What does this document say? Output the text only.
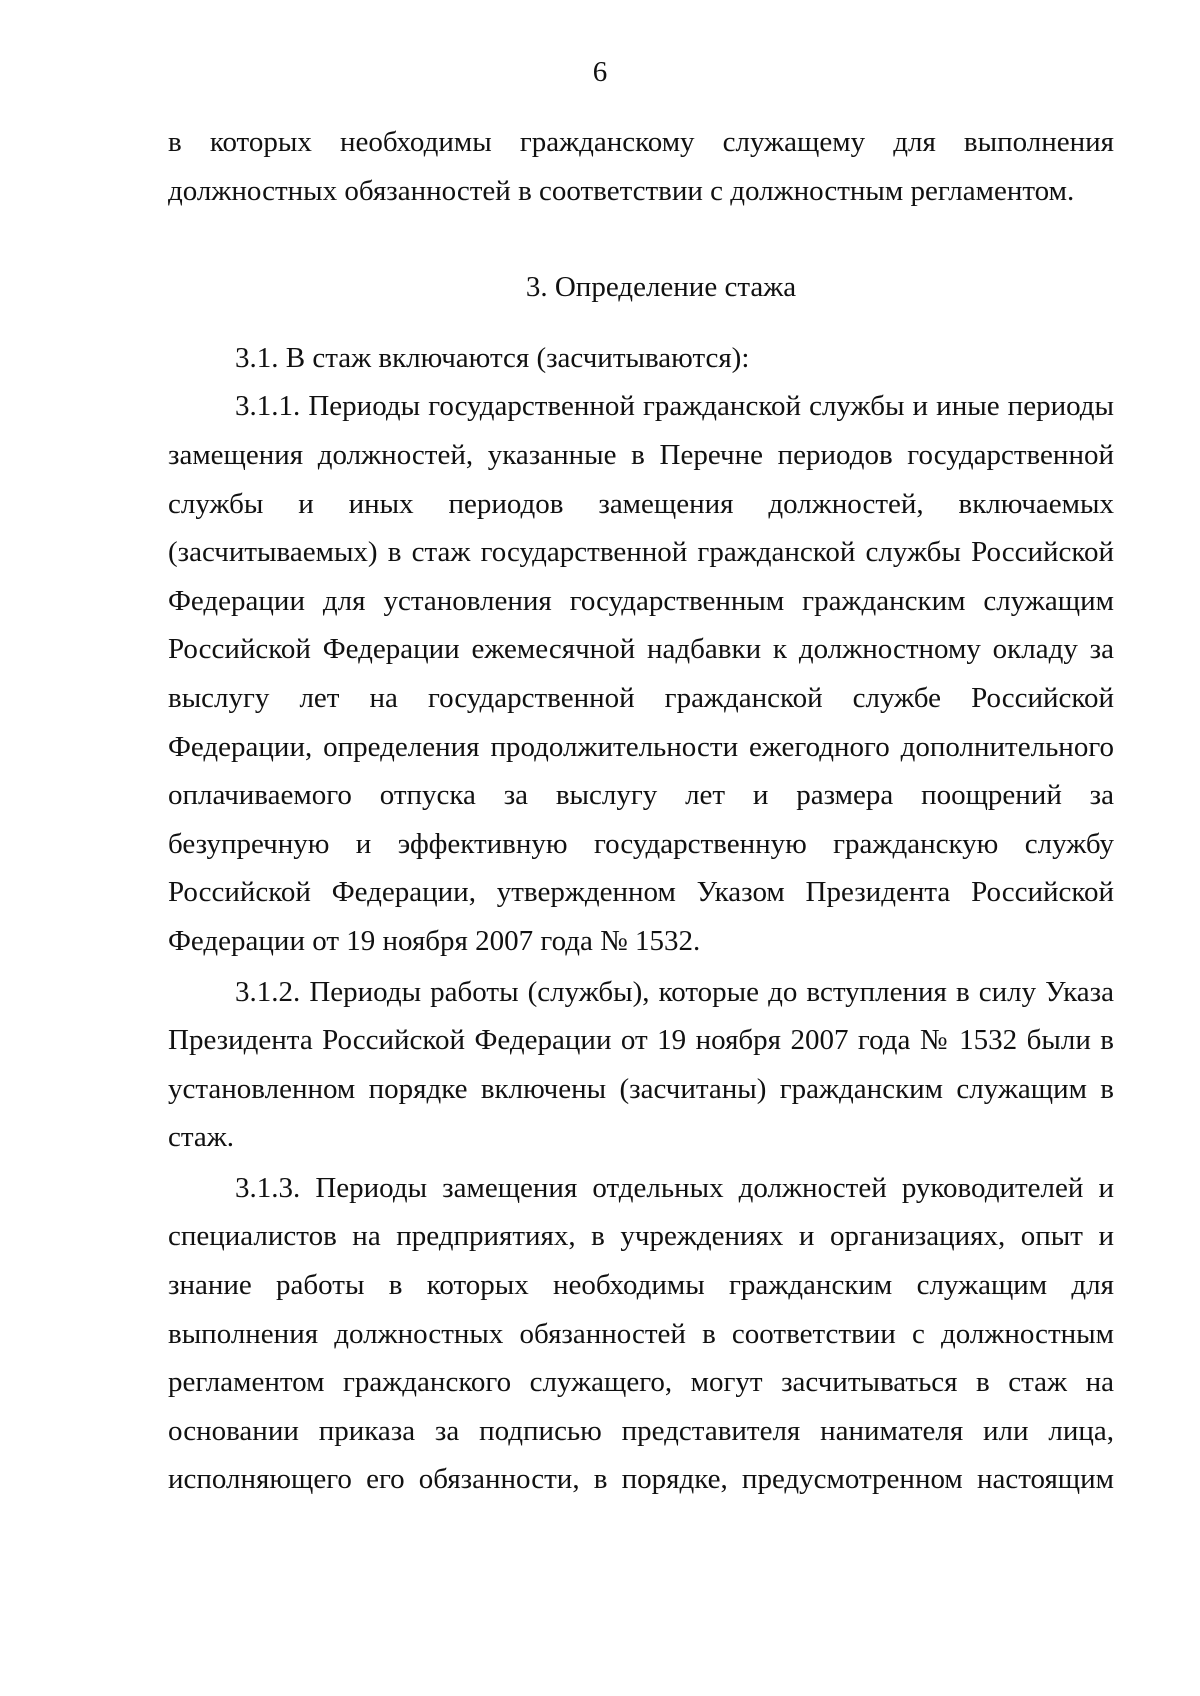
6

в которых необходимы гражданскому служащему для выполнения должностных обязанностей в соответствии с должностным регламентом.

3. Определение стажа

3.1. В стаж включаются (засчитываются):

3.1.1. Периоды государственной гражданской службы и иные периоды замещения должностей, указанные в Перечне периодов государственной службы и иных периодов замещения должностей, включаемых (засчитываемых) в стаж государственной гражданской службы Российской Федерации для установления государственным гражданским служащим Российской Федерации ежемесячной надбавки к должностному окладу за выслугу лет на государственной гражданской службе Российской Федерации, определения продолжительности ежегодного дополнительного оплачиваемого отпуска за выслугу лет и размера поощрений за безупречную и эффективную государственную гражданскую службу Российской Федерации, утвержденном Указом Президента Российской Федерации от 19 ноября 2007 года № 1532.

3.1.2. Периоды работы (службы), которые до вступления в силу Указа Президента Российской Федерации от 19 ноября 2007 года № 1532 были в установленном порядке включены (засчитаны) гражданским служащим в стаж.

3.1.3. Периоды замещения отдельных должностей руководителей и специалистов на предприятиях, в учреждениях и организациях, опыт и знание работы в которых необходимы гражданским служащим для выполнения должностных обязанностей в соответствии с должностным регламентом гражданского служащего, могут засчитываться в стаж на основании приказа за подписью представителя нанимателя или лица, исполняющего его обязанности, в порядке, предусмотренном настоящим
